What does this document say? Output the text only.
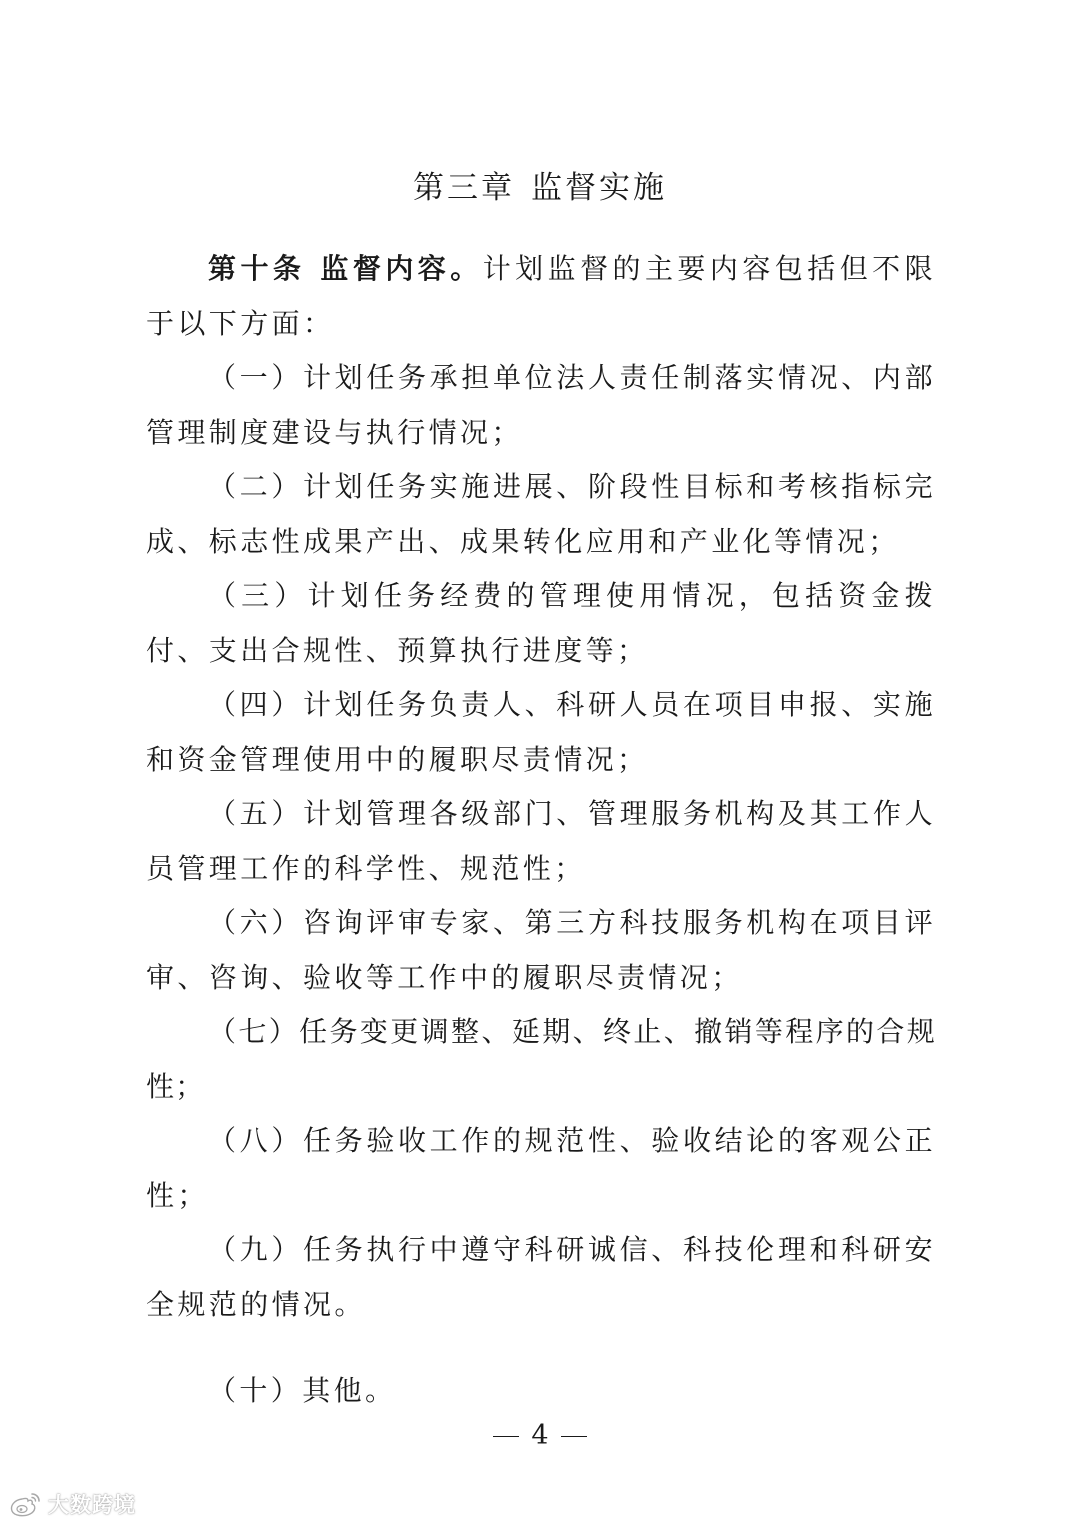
第三章 监督实施

第十条 监督内容。计划监督的主要内容包括但不限于以下方面：

（一）计划任务承担单位法人责任制落实情况、内部管理制度建设与执行情况；

（二）计划任务实施进展、阶段性目标和考核指标完成、标志性成果产出、成果转化应用和产业化等情况；

（三）计划任务经费的管理使用情况，包括资金拨付、支出合规性、预算执行进度等；

（四）计划任务负责人、科研人员在项目申报、实施和资金管理使用中的履职尽责情况；

（五）计划管理各级部门、管理服务机构及其工作人员管理工作的科学性、规范性；

（六）咨询评审专家、第三方科技服务机构在项目评审、咨询、验收等工作中的履职尽责情况；

（七）任务变更调整、延期、终止、撤销等程序的合规性；

（八）任务验收工作的规范性、验收结论的客观公正性；

（九）任务执行中遵守科研诚信、科技伦理和科研安全规范的情况。

（十）其他。

4
大数跨境
